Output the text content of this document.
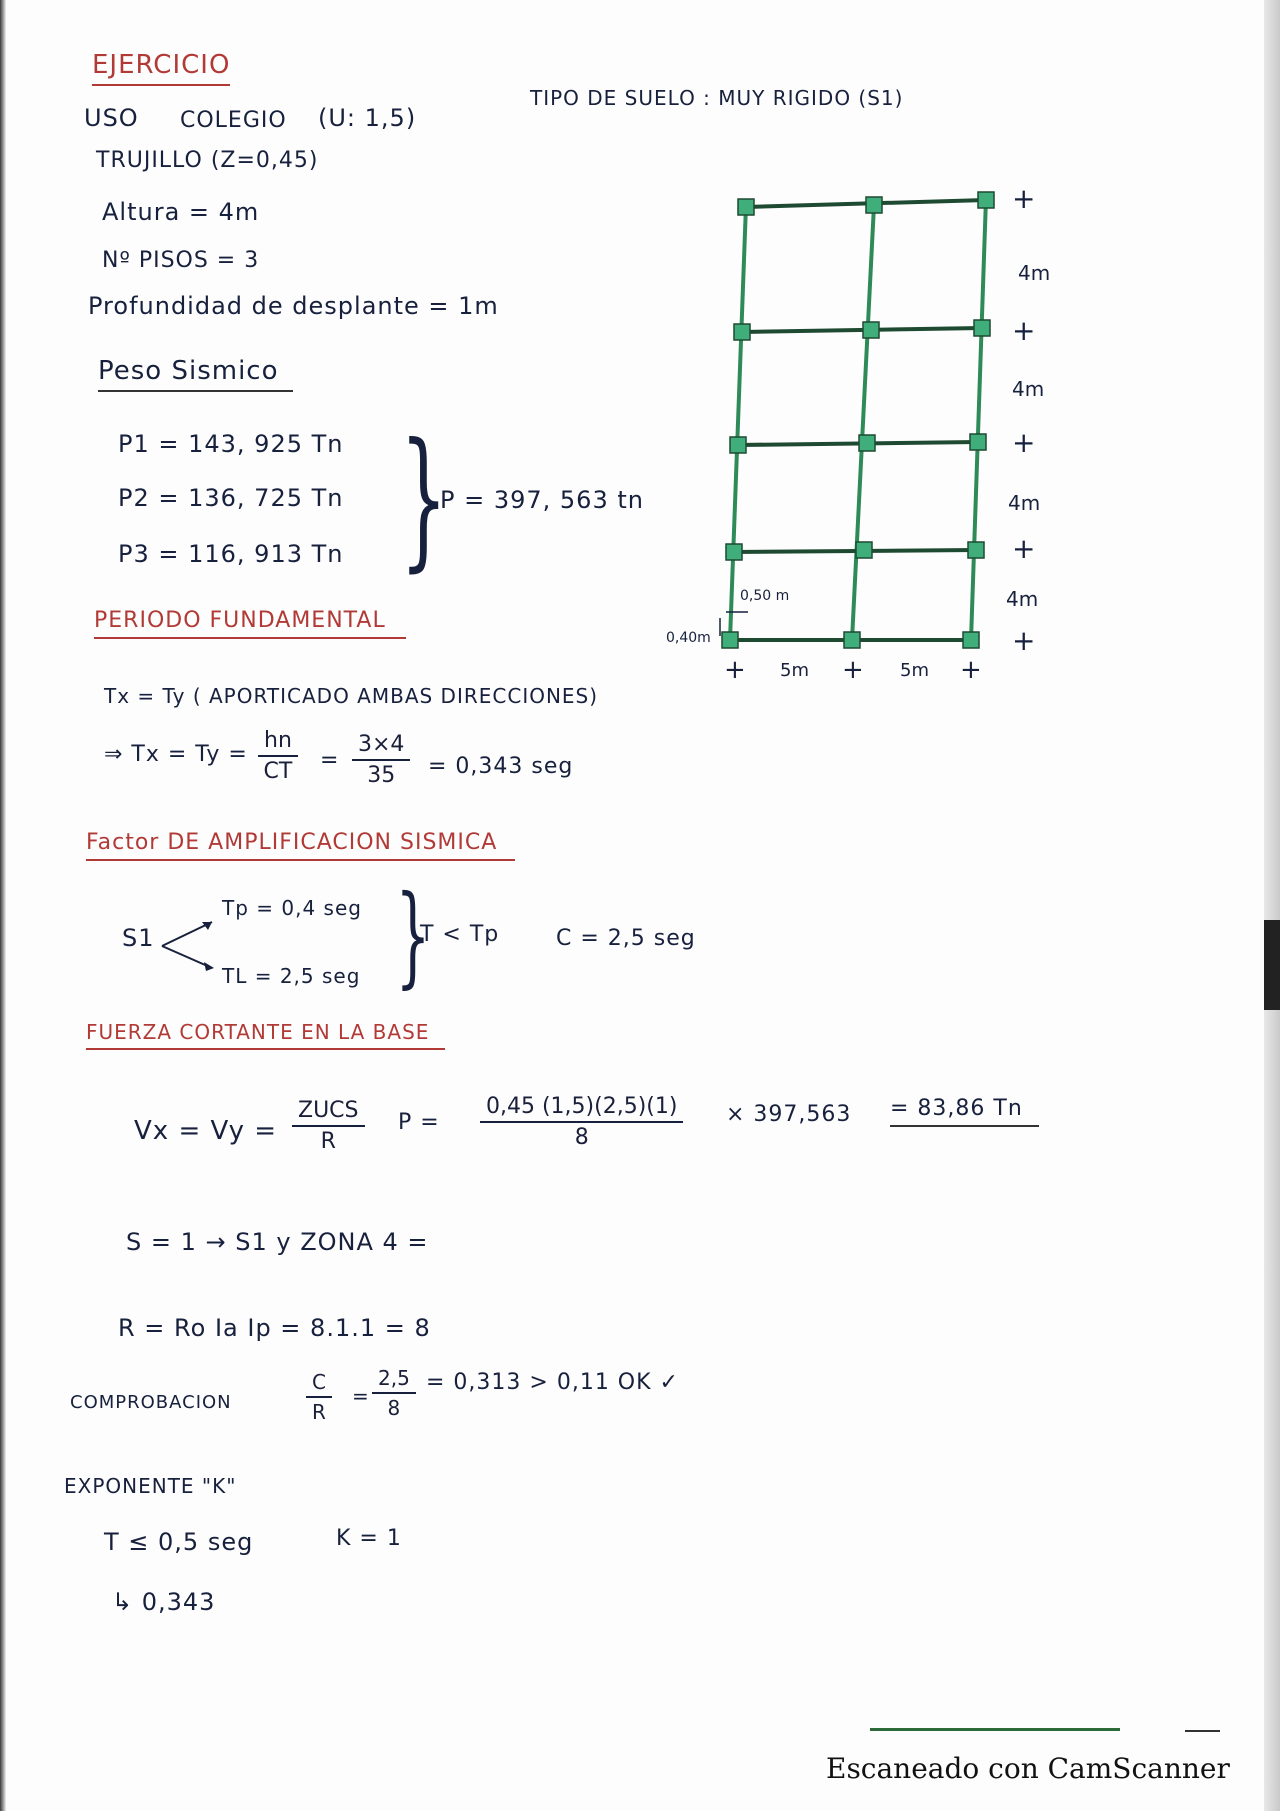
EJERCICIO
USO COLEGIO (U: 1,5)
TIPO DE SUELO : MUY RIGIDO (S1)
TRUJILLO (Z=0,45)
Altura = 4m
Nº PISOS = 3
Profundidad de desplante = 1m
Peso Sismico
P1 = 143, 925 Tn
P2 = 136, 725 Tn
P3 = 116, 913 Tn }
P = 397, 563 tn
PERIODO FUNDAMENTAL
Tx = Ty ( APORTICADO AMBAS DIRECCIONES)
⇒ $Tx = Ty = \frac{hn}{CT} = \frac{3\times 4}{35} = 0,343$ seg
Factor DE AMPLIFICACION SISMICA
S1
Tp = 0,4 seg
TL = 2,5 seg }
T < Tp	C = 2,5 seg
FUERZA CORTANTE EN LA BASE
Vx = Vy =
ZUCS
R
$P = \frac{0,45 (1,5)(2,5)(1)}{8} \times 397,563 = 83,86$ Tn
S = 1 → S1 y ZONA 4 =
R = Ro Ia Ip = 8.1.1 = 8
COMPROBACION	$\frac{C}{R} = \frac{2,5}{8} = 0,313 > 0,11$ OK ✓
EXPONENTE "K"
T ≤ 0,5 seg	K = 1
↳ 0,343
+
+
+
+
+
4m
4m
4m
4m
+	+	+
5m	5m
0,50 m
0,40m
Escaneado con CamScanner
